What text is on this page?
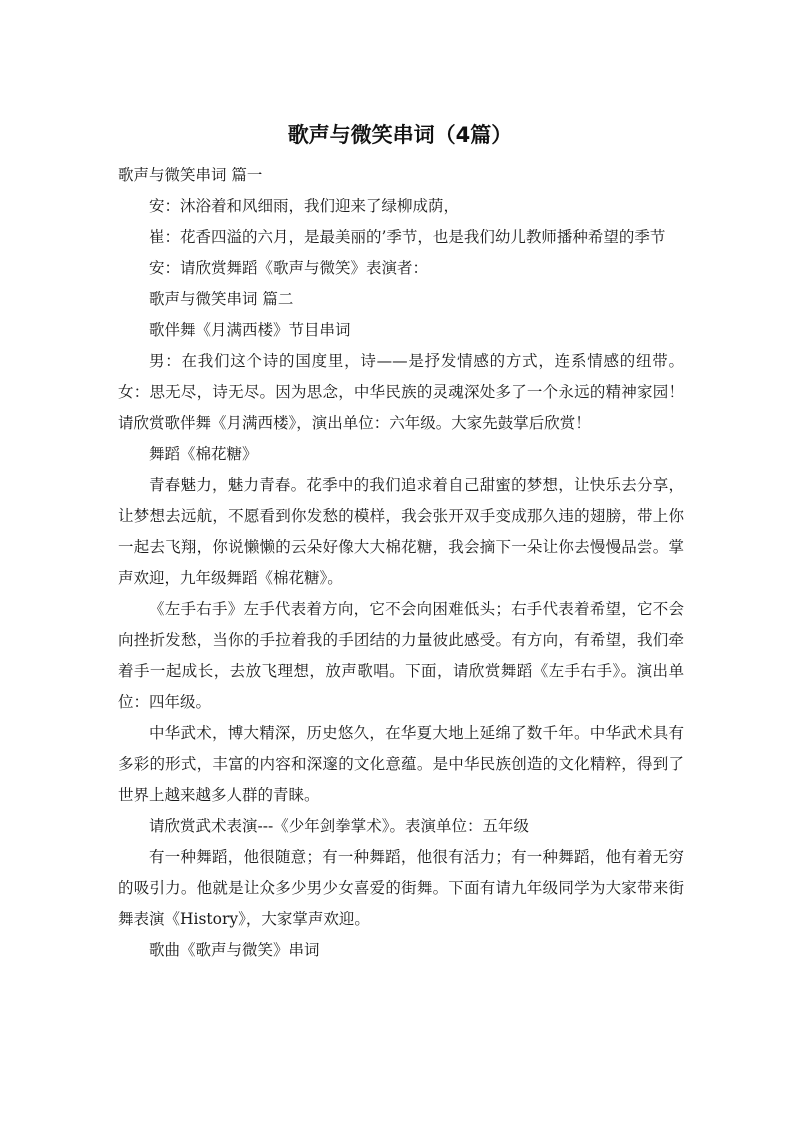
歌声与微笑串词（4篇）

歌声与微笑串词 篇一

安：沐浴着和风细雨，我们迎来了绿柳成荫，

崔：花香四溢的六月，是最美丽的’季节，也是我们幼儿教师播种希望的季节

安：请欣赏舞蹈《歌声与微笑》表演者：

歌声与微笑串词 篇二

歌伴舞《月满西楼》节目串词

男：在我们这个诗的国度里，诗——是抒发情感的方式，连系情感的纽带。 女：思无尽，诗无尽。因为思念，中华民族的灵魂深处多了一个永远的精神家园！ 请欣赏歌伴舞《月满西楼》，演出单位：六年级。大家先鼓掌后欣赏！

舞蹈《棉花糖》

青春魅力，魅力青春。花季中的我们追求着自己甜蜜的梦想，让快乐去分享，让梦想去远航，不愿看到你发愁的模样，我会张开双手变成那久违的翅膀，带上你一起去飞翔，你说懒懒的云朵好像大大棉花糖，我会摘下一朵让你去慢慢品尝。掌声欢迎，九年级舞蹈《棉花糖》。

《左手右手》左手代表着方向，它不会向困难低头；右手代表着希望，它不会向挫折发愁，当你的手拉着我的手团结的力量彼此感受。有方向，有希望，我们牵着手一起成长，去放飞理想，放声歌唱。下面，请欣赏舞蹈《左手右手》。演出单位：四年级。

中华武术，博大精深，历史悠久，在华夏大地上延绵了数千年。中华武术具有多彩的形式，丰富的内容和深邃的文化意蕴。是中华民族创造的文化精粹，得到了世界上越来越多人群的青睐。

请欣赏武术表演---《少年剑拳掌术》。表演单位：五年级

有一种舞蹈，他很随意；有一种舞蹈，他很有活力；有一种舞蹈，他有着无穷的吸引力。他就是让众多少男少女喜爱的街舞。下面有请九年级同学为大家带来街舞表演《History》，大家掌声欢迎。

歌曲《歌声与微笑》串词
